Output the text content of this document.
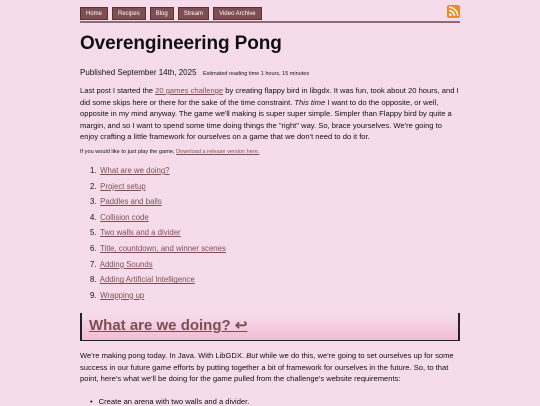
Home	Recipes	Blog	Stream	Video Archive
Overengineering Pong
Published September 14th, 2025 Estimated reading time 1 hours, 15 minutes

Last post I started the 20 games challenge by creating flappy bird in libgdx. It was fun, took about 20 hours, and I did some skips here or there for the sake of the time constraint. This time I want to do the opposite, or well, opposite in my mind anyway. The game we'll making is super super simple. Simpler than Flappy bird by quite a margin, and so I want to spend some time doing things the "right" way. So, brace yourselves. We're going to enjoy crafting a little framework for ourselves on a game that we don't need to do it for.

If you would like to just play the game, Download a release version here.
1. What are we doing?
2. Project setup
3. Paddles and balls
4. Collision code
5. Two walls and a divider
6. Title, countdown, and winner scenes
7. Adding Sounds
8. Adding Artificial Intelligence
9. Wrapping up
What are we doing? ↩

We're making pong today. In Java. With LibGDX. But while we do this, we're going to set ourselves up for some success in our future game efforts by putting together a bit of framework for ourselves in the future. So, to that point, here's what we'll be doing for the game pulled from the challenge's website requirements:

• Create an arena with two walls and a divider.
